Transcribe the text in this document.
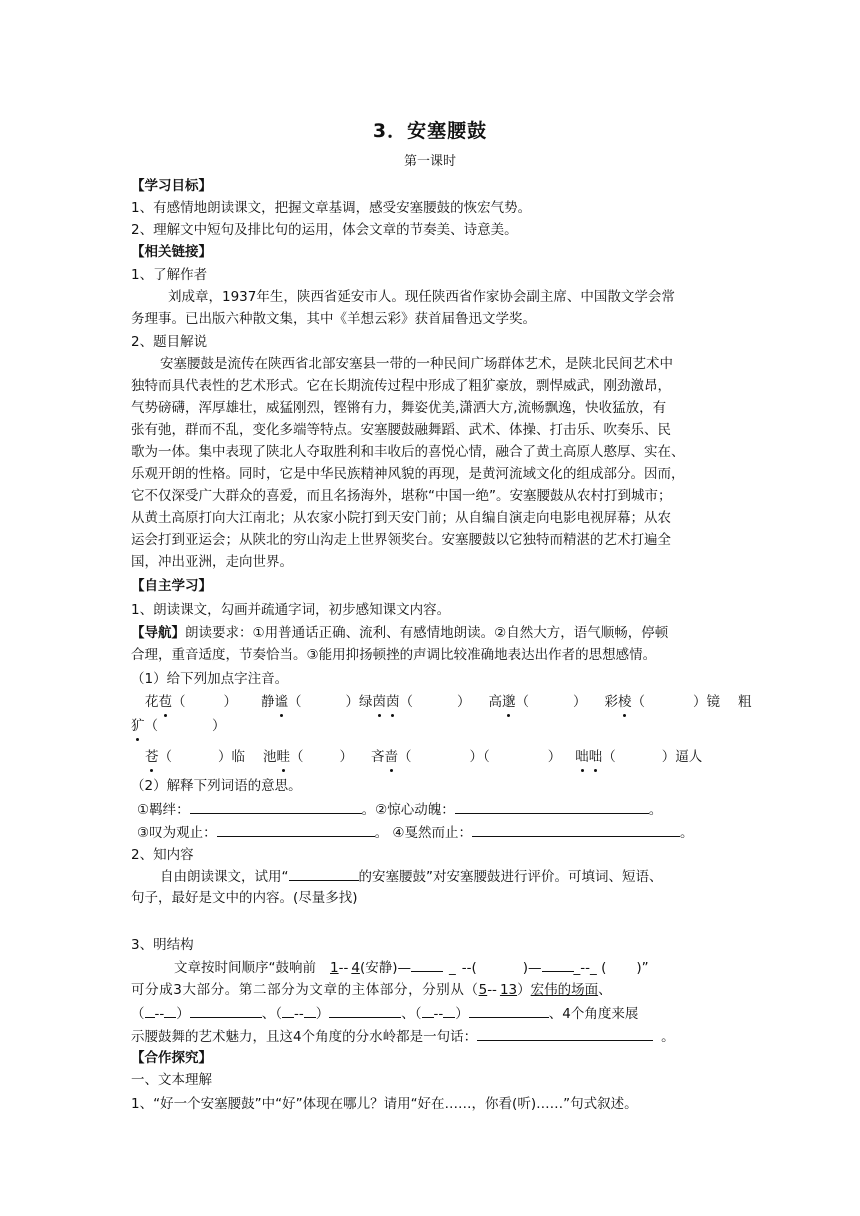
3．安塞腰鼓
第一课时
【学习目标】
1、有感情地朗读课文，把握文章基调，感受安塞腰鼓的恢宏气势。
2、理解文中短句及排比句的运用，体会文章的节奏美、诗意美。
【相关链接】
1、了解作者
刘成章，1937年生，陕西省延安市人。现任陕西省作家协会副主席、中国散文学会常
务理事。已出版六种散文集，其中《羊想云彩》获首届鲁迅文学奖。
2、题目解说
安塞腰鼓是流传在陕西省北部安塞县一带的一种民间广场群体艺术，是陕北民间艺术中
独特而具代表性的艺术形式。它在长期流传过程中形成了粗犷豪放，剽悍威武，刚劲激昂，
气势磅礴，浑厚雄壮，威猛刚烈，铿锵有力，舞姿优美,潇洒大方,流畅飘逸，快收猛放，有
张有弛，群而不乱，变化多端等特点。安塞腰鼓融舞蹈、武术、体操、打击乐、吹奏乐、民
歌为一体。集中表现了陕北人夺取胜利和丰收后的喜悦心情，融合了黄土高原人憨厚、实在、
乐观开朗的性格。同时，它是中华民族精神风貌的再现，是黄河流域文化的组成部分。因而，
它不仅深受广大群众的喜爱，而且名扬海外，堪称“中国一绝”。安塞腰鼓从农村打到城市；
从黄土高原打向大江南北；从农家小院打到天安门前；从自编自演走向电影电视屏幕；从农
运会打到亚运会；从陕北的穷山沟走上世界领奖台。安塞腰鼓以它独特而精湛的艺术打遍全
国，冲出亚洲，走向世界。
【自主学习】
1、朗读课文，勾画并疏通字词，初步感知课文内容。
【导航】朗读要求：①用普通话正确、流利、有感情地朗读。②自然大方，语气顺畅，停顿
合理，重音适度，节奏恰当。③能用抑扬顿挫的声调比较准确地表达出作者的思想感情。
（1）给下列加点字注音。
花苞（	） 静谧（	）绿茵茵（	） 高邈（	） 彩棱（	）镜 粗
犷（	）
苍（	）临 池畦（	） 吝啬（	）（	） 咄咄（	）逼人
（2）解释下列词语的意思。
①羁绊：	。②惊心动魄：	。
③叹为观止：	。 ④戛然而止：	。
2、知内容
自由朗读课文，试用“	的安塞腰鼓”对安塞腰鼓进行评价。可填词、短语、
句子，最好是文中的内容。(尽量多找)
3、明结构
文章按时间顺序“鼓响前 1-- 4(安静)—	_ --(	)— _--_ ( )”
可分成3大部分。第二部分为文章的主体部分，分别从（5-- 13）宏伟的场面、
（ -- ）	、（ -- ）	、（ -- ）	、4个角度来展
示腰鼓舞的艺术魅力，且这4个角度的分水岭都是一句话：	。
【合作探究】
一、文本理解
1、“好一个安塞腰鼓”中“好”体现在哪儿？请用“好在……，你看(听)……”句式叙述。
